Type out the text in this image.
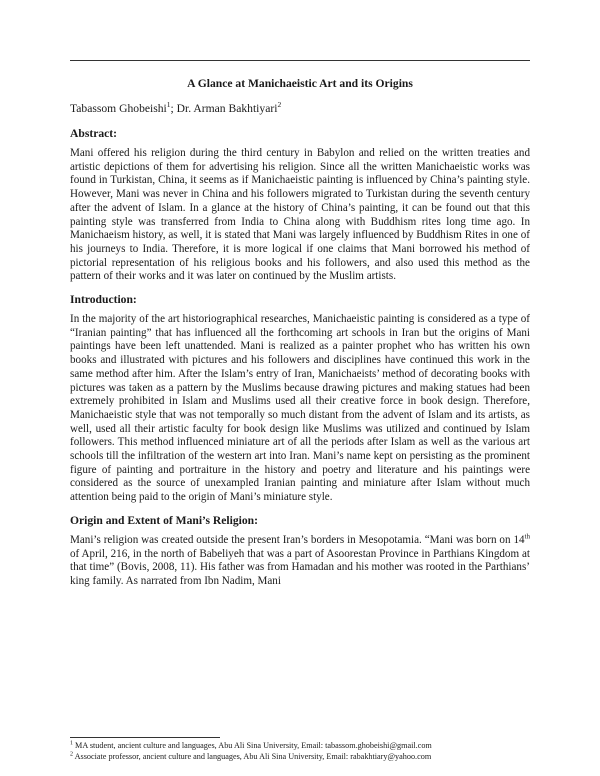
A Glance at Manichaeistic Art and its Origins
Tabassom Ghobeishi$^1$; Dr. Arman Bakhtiyari$^2$
Abstract:

Mani offered his religion during the third century in Babylon and relied on the written treaties and artistic depictions of them for advertising his religion. Since all the written Manichaeistic works was found in Turkistan, China, it seems as if Manichaeistic painting is influenced by China’s painting style. However, Mani was never in China and his followers migrated to Turkistan during the seventh century after the advent of Islam. In a glance at the history of China’s painting, it can be found out that this painting style was transferred from India to China along with Buddhism rites long time ago. In Manichaeism history, as well, it is stated that Mani was largely influenced by Buddhism Rites in one of his journeys to India. Therefore, it is more logical if one claims that Mani borrowed his method of pictorial representation of his religious books and his followers, and also used this method as the pattern of their works and it was later on continued by the Muslim artists.

Introduction:

In the majority of the art historiographical researches, Manichaeistic painting is considered as a type of “Iranian painting” that has influenced all the forthcoming art schools in Iran but the origins of Mani paintings have been left unattended. Mani is realized as a painter prophet who has written his own books and illustrated with pictures and his followers and disciplines have continued this work in the same method after him. After the Islam’s entry of Iran, Manichaeists’ method of decorating books with pictures was taken as a pattern by the Muslims because drawing pictures and making statues had been extremely prohibited in Islam and Muslims used all their creative force in book design. Therefore, Manichaeistic style that was not temporally so much distant from the advent of Islam and its artists, as well, used all their artistic faculty for book design like Muslims was utilized and continued by Islam followers. This method influenced miniature art of all the periods after Islam as well as the various art schools till the infiltration of the western art into Iran. Mani’s name kept on persisting as the prominent figure of painting and portraiture in the history and poetry and literature and his paintings were considered as the source of unexampled Iranian painting and miniature after Islam without much attention being paid to the origin of Mani’s miniature style.

Origin and Extent of Mani’s Religion:

Mani’s religion was created outside the present Iran’s borders in Mesopotamia. “Mani was born on 14th of April, 216, in the north of Babeliyeh that was a part of Asoorestan Province in Parthians Kingdom at that time” (Bovis, 2008, 11). His father was from Hamadan and his mother was rooted in the Parthians’ king family. As narrated from Ibn Nadim, Mani

$^1$ MA student, ancient culture and languages, Abu Ali Sina University, Email: tabassom.ghobeishi@gmail.com
$^2$ Associate professor, ancient culture and languages, Abu Ali Sina University, Email: rabakhtiary@yahoo.com
